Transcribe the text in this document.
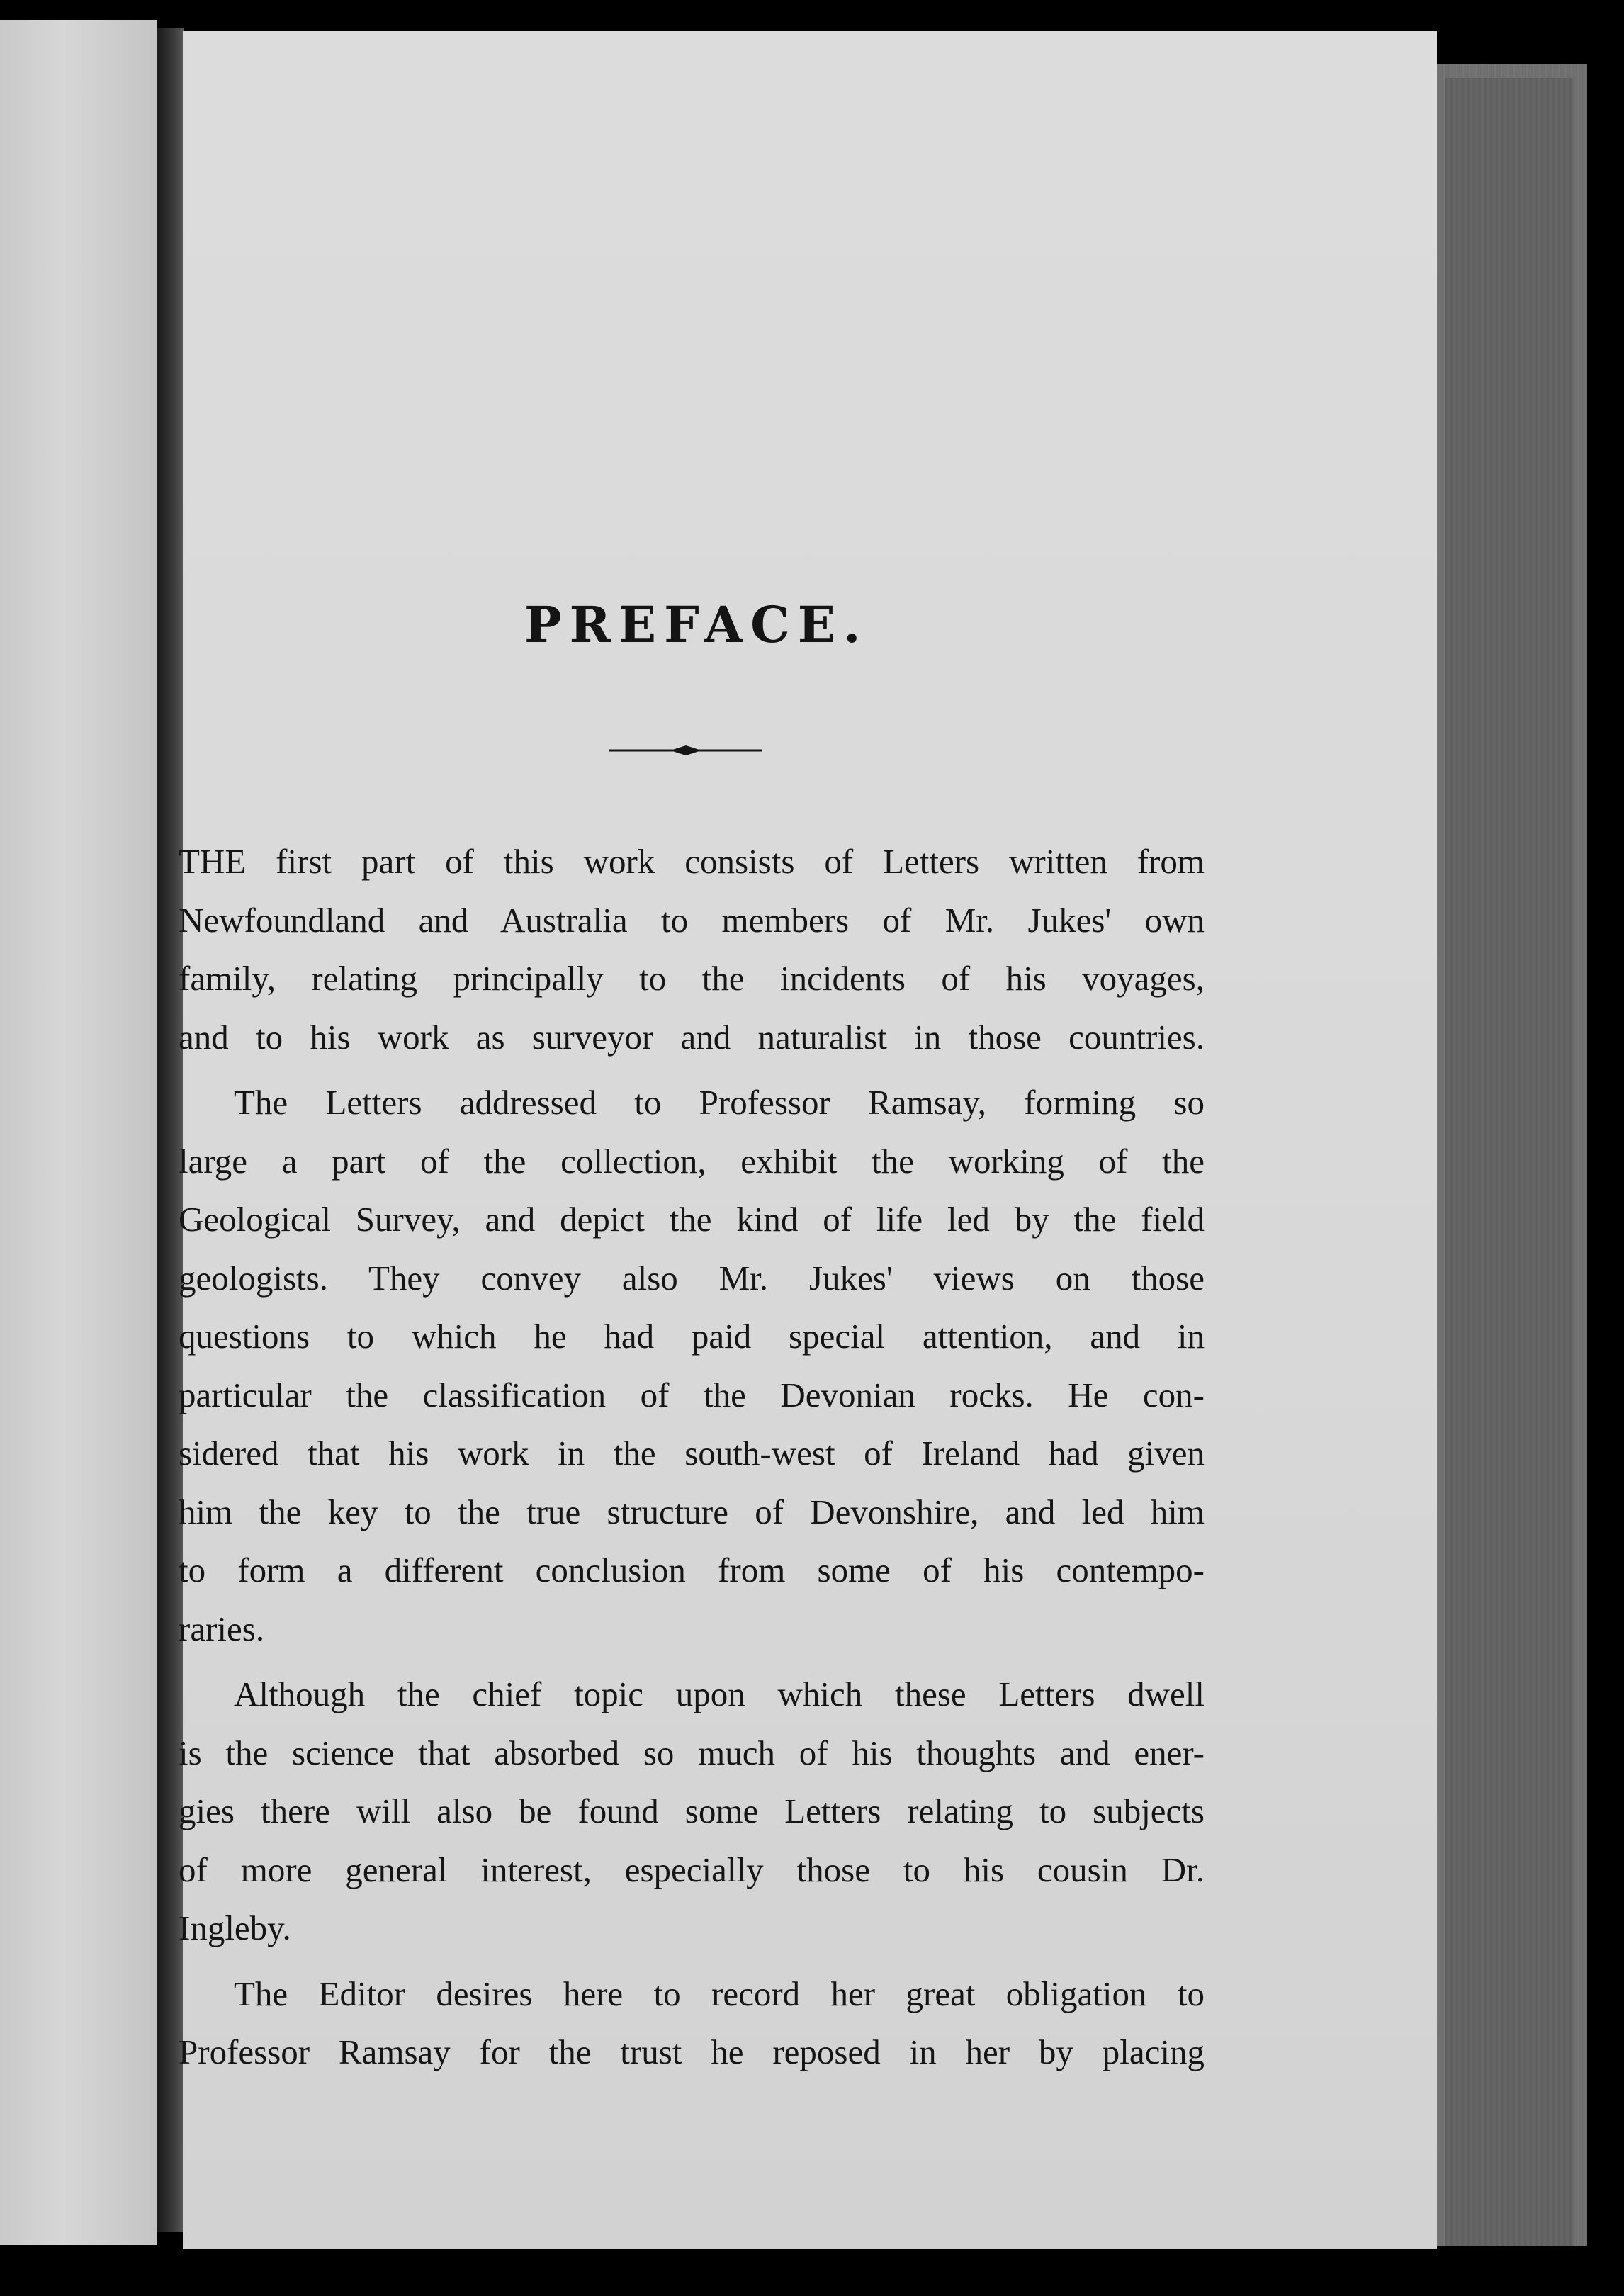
PREFACE.
THE first part of this work consists of Letters written from
Newfoundland and Australia to members of Mr. Jukes' own
family, relating principally to the incidents of his voyages,
and to his work as surveyor and naturalist in those countries.
The Letters addressed to Professor Ramsay, forming so
large a part of the collection, exhibit the working of the
Geological Survey, and depict the kind of life led by the field
geologists. They convey also Mr. Jukes' views on those
questions to which he had paid special attention, and in
particular the classification of the Devonian rocks. He con-
sidered that his work in the south-west of Ireland had given
him the key to the true structure of Devonshire, and led him
to form a different conclusion from some of his contempo-
raries.
Although the chief topic upon which these Letters dwell
is the science that absorbed so much of his thoughts and ener-
gies there will also be found some Letters relating to subjects
of more general interest, especially those to his cousin Dr.
Ingleby.
The Editor desires here to record her great obligation to
Professor Ramsay for the trust he reposed in her by placing
